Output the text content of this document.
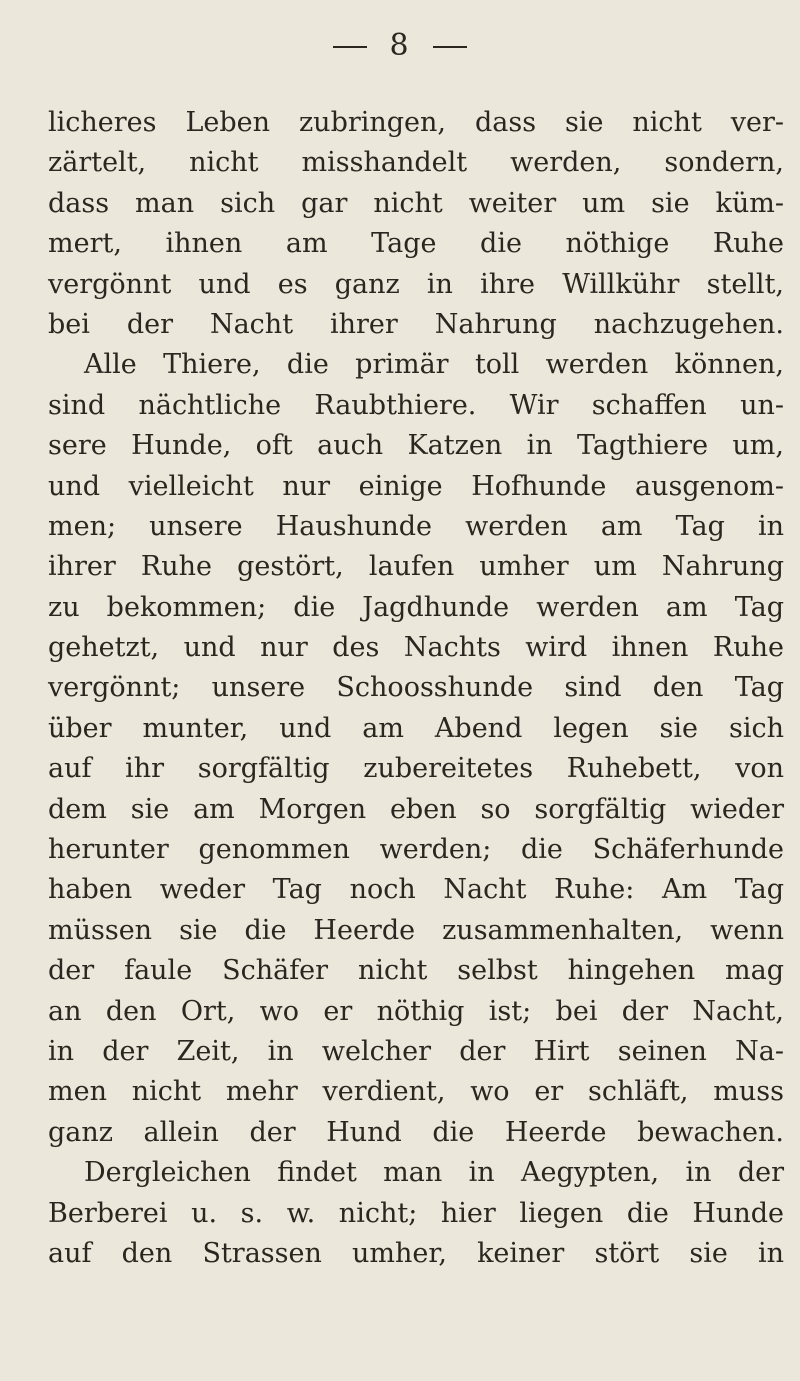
8
licheres Leben zubringen, dass sie nicht ver-
zärtelt, nicht misshandelt werden, sondern,
dass man sich gar nicht weiter um sie küm-
mert, ihnen am Tage die nöthige Ruhe
vergönnt und es ganz in ihre Willkühr stellt,
bei der Nacht ihrer Nahrung nachzugehen.
Alle Thiere, die primär toll werden können,
sind nächtliche Raubthiere. Wir schaffen un-
sere Hunde, oft auch Katzen in Tagthiere um,
und vielleicht nur einige Hofhunde ausgenom-
men; unsere Haushunde werden am Tag in
ihrer Ruhe gestört, laufen umher um Nahrung
zu bekommen; die Jagdhunde werden am Tag
gehetzt, und nur des Nachts wird ihnen Ruhe
vergönnt; unsere Schoosshunde sind den Tag
über munter, und am Abend legen sie sich
auf ihr sorgfältig zubereitetes Ruhebett, von
dem sie am Morgen eben so sorgfältig wieder
herunter genommen werden; die Schäferhunde
haben weder Tag noch Nacht Ruhe: Am Tag
müssen sie die Heerde zusammenhalten, wenn
der faule Schäfer nicht selbst hingehen mag
an den Ort, wo er nöthig ist; bei der Nacht,
in der Zeit, in welcher der Hirt seinen Na-
men nicht mehr verdient, wo er schläft, muss
ganz allein der Hund die Heerde bewachen.
Dergleichen findet man in Aegypten, in der
Berberei u. s. w. nicht; hier liegen die Hunde
auf den Strassen umher, keiner stört sie in
